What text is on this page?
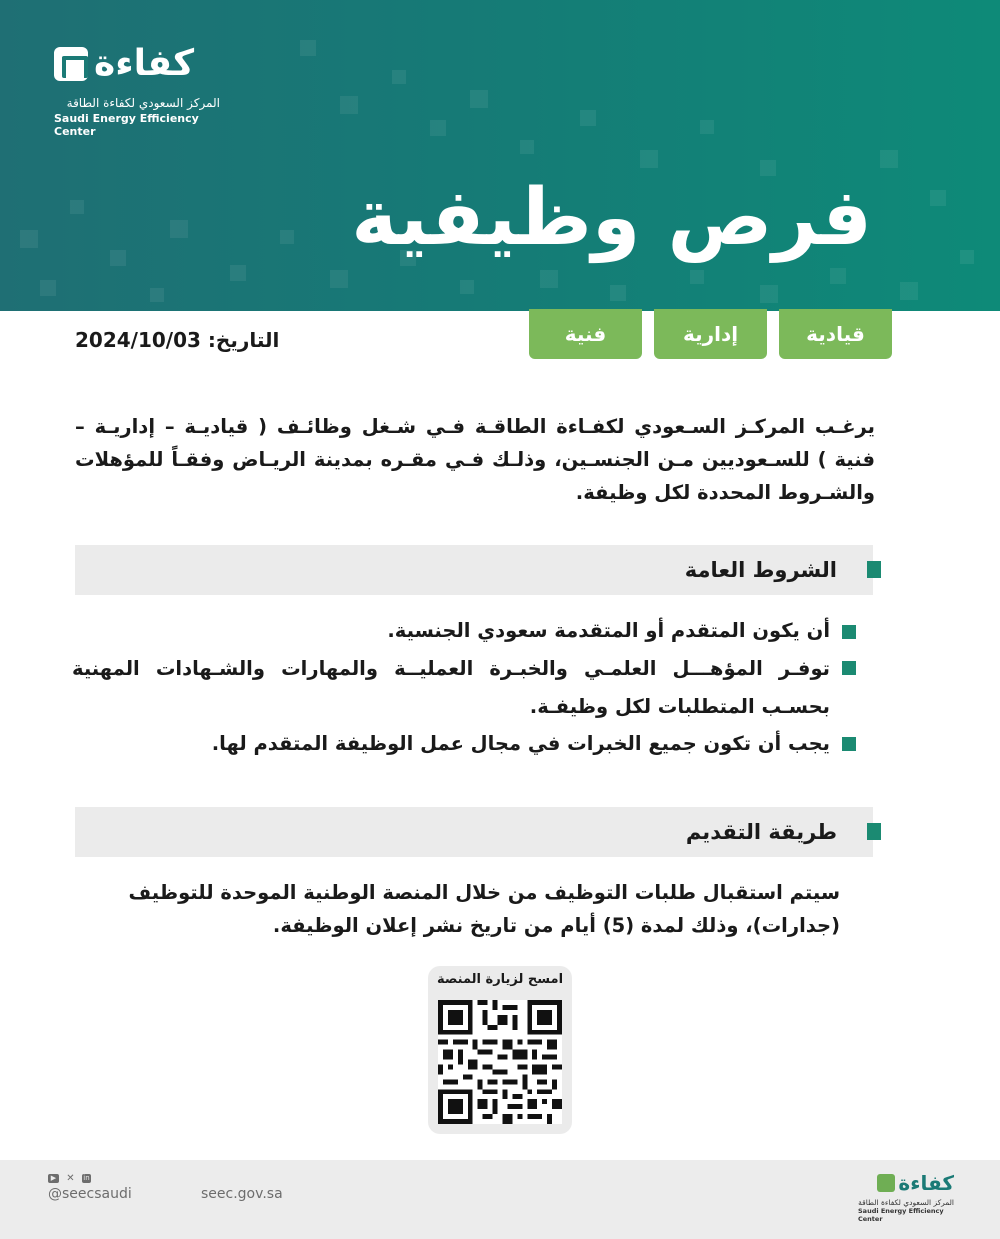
كفاءة
المركز السعودي لكفاءة الطاقة
Saudi Energy Efficiency Center
فرص وظيفية
قيادية
إدارية
فنية
التاريخ: 2024/10/03
يرغـب المركـز السـعودي لكفـاءة الطاقـة فـي شـغل وظائـف ( قياديـة – إداريـة – فنية ) للسـعوديين مـن الجنسـين، وذلـك فـي مقـره بمدينة الريـاض وفقـاً للمؤهلات والشـروط المحددة لكل وظيفة.
الشروط العامة
أن يكون المتقدم أو المتقدمة سعودي الجنسية.
توفـر المؤهـــل العلمـي والخبـرة العمليــة والمهارات والشـهادات المهنية بحسـب المتطلبات لكل وظيفـة.
يجب أن تكون جميع الخبرات في مجال عمل الوظيفة المتقدم لها.
طريقة التقديم
سيتم استقبال طلبات التوظيف من خلال المنصة الوطنية الموحدة للتوظيف (جدارات)، وذلك لمدة (5) أيام من تاريخ نشر إعلان الوظيفة.
امسح لزيارة المنصة
▶ ✕ in
@seecsaudi	seec.gov.sa	كفاءة
المركز السعودي لكفاءة الطاقة
Saudi Energy Efficiency Center
